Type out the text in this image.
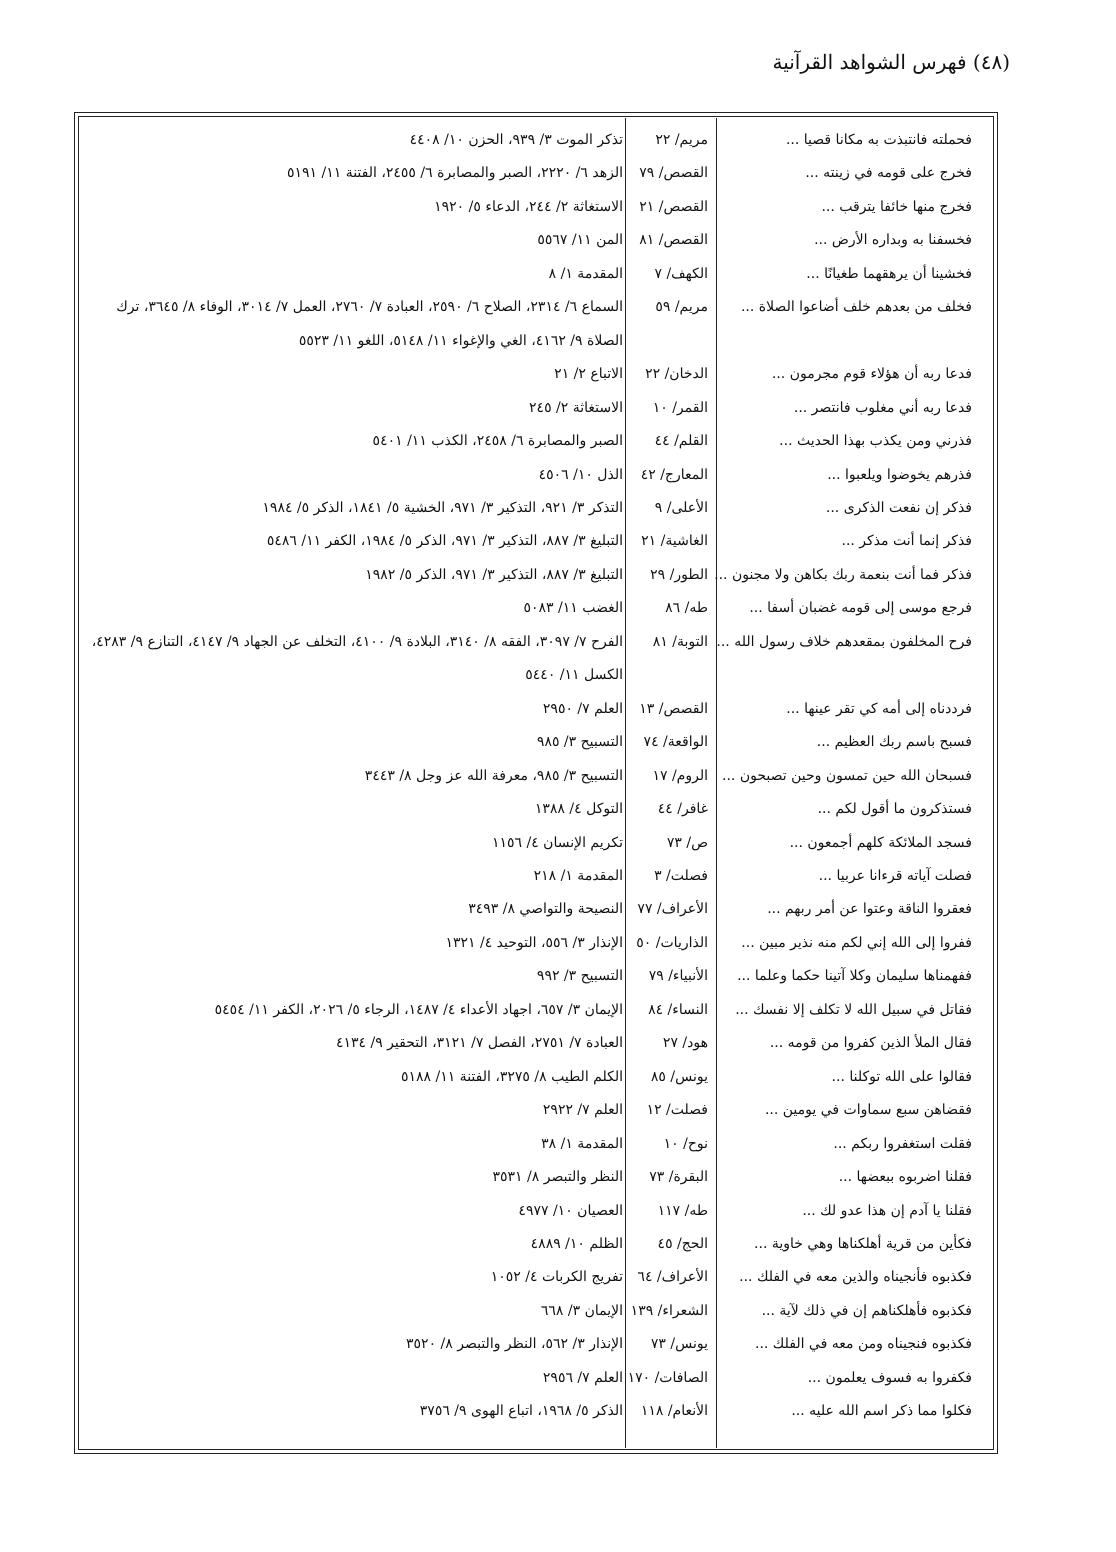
(٤٨) فهرس الشواهد القرآنية
فحملته فانتبذت به مكانا قصيا ...
مريم/ ٢٢
تذكر الموت ٣/ ٩٣٩، الحزن ١٠/ ٤٤٠٨
فخرج على قومه في زينته ...
القصص/ ٧٩
الزهد ٦/ ٢٢٢٠، الصبر والمصابرة ٦/ ٢٤٥٥، الفتنة ١١/ ٥١٩١
فخرج منها خائفا يترقب ...
القصص/ ٢١
الاستغاثة ٢/ ٢٤٤، الدعاء ٥/ ١٩٢٠
فخسفنا به وبداره الأرض ...
القصص/ ٨١
المن ١١/ ٥٥٦٧
فخشينا أن يرهقهما طغيانًا ...
الكهف/ ٧
المقدمة ١/ ٨
فخلف من بعدهم خلف أضاعوا الصلاة ...
مريم/ ٥٩
السماع ٦/ ٢٣١٤، الصلاح ٦/ ٢٥٩٠، العبادة ٧/ ٢٧٦٠، العمل ٧/ ٣٠١٤، الوفاء ٨/ ٣٦٤٥، ترك الصلاة ٩/ ٤١٦٢، الغي والإغواء ١١/ ٥١٤٨، اللغو ١١/ ٥٥٢٣
فدعا ربه أن هؤلاء قوم مجرمون ...
الدخان/ ٢٢
الاتباع ٢/ ٢١
فدعا ربه أني مغلوب فانتصر ...
القمر/ ١٠
الاستغاثة ٢/ ٢٤٥
فذرني ومن يكذب بهذا الحديث ...
القلم/ ٤٤
الصبر والمصابرة ٦/ ٢٤٥٨، الكذب ١١/ ٥٤٠١
فذرهم يخوضوا ويلعبوا ...
المعارج/ ٤٢
الذل ١٠/ ٤٥٠٦
فذكر إن نفعت الذكرى ...
الأعلى/ ٩
التذكر ٣/ ٩٢١، التذكير ٣/ ٩٧١، الخشية ٥/ ١٨٤١، الذكر ٥/ ١٩٨٤
فذكر إنما أنت مذكر ...
الغاشية/ ٢١
التبليغ ٣/ ٨٨٧، التذكير ٣/ ٩٧١، الذكر ٥/ ١٩٨٤، الكفر ١١/ ٥٤٨٦
فذكر فما أنت بنعمة ربك بكاهن ولا مجنون ...
الطور/ ٢٩
التبليغ ٣/ ٨٨٧، التذكير ٣/ ٩٧١، الذكر ٥/ ١٩٨٢
فرجع موسى إلى قومه غضبان أسفا ...
طه/ ٨٦
الغضب ١١/ ٥٠٨٣
فرح المخلفون بمقعدهم خلاف رسول الله ...
التوبة/ ٨١
الفرح ٧/ ٣٠٩٧، الفقه ٨/ ٣١٤٠، البلادة ٩/ ٤١٠٠، التخلف عن الجهاد ٩/ ٤١٤٧، التنازع ٩/ ٤٢٨٣، الكسل ١١/ ٥٤٤٠
فرددناه إلى أمه كي تقر عينها ...
القصص/ ١٣
العلم ٧/ ٢٩٥٠
فسبح باسم ربك العظيم ...
الواقعة/ ٧٤
التسبيح ٣/ ٩٨٥
فسبحان الله حين تمسون وحين تصبحون ...
الروم/ ١٧
التسبيح ٣/ ٩٨٥، معرفة الله عز وجل ٨/ ٣٤٤٣
فستذكرون ما أقول لكم ...
غافر/ ٤٤
التوكل ٤/ ١٣٨٨
فسجد الملائكة كلهم أجمعون ...
ص/ ٧٣
تكريم الإنسان ٤/ ١١٥٦
فصلت آياته قرءانا عربيا ...
فصلت/ ٣
المقدمة ١/ ٢١٨
فعقروا الناقة وعتوا عن أمر ربهم ...
الأعراف/ ٧٧
النصيحة والتواصي ٨/ ٣٤٩٣
ففروا إلى الله إني لكم منه نذير مبين ...
الذاريات/ ٥٠
الإنذار ٣/ ٥٥٦، التوحيد ٤/ ١٣٢١
ففهمناها سليمان وكلا آتينا حكما وعلما ...
الأنبياء/ ٧٩
التسبيح ٣/ ٩٩٢
فقاتل في سبيل الله لا تكلف إلا نفسك ...
النساء/ ٨٤
الإيمان ٣/ ٦٥٧، اجهاد الأعداء ٤/ ١٤٨٧، الرجاء ٥/ ٢٠٢٦، الكفر ١١/ ٥٤٥٤
فقال الملأ الذين كفروا من قومه ...
هود/ ٢٧
العبادة ٧/ ٢٧٥١، الفصل ٧/ ٣١٢١، التحقير ٩/ ٤١٣٤
فقالوا على الله توكلنا ...
يونس/ ٨٥
الكلم الطيب ٨/ ٣٢٧٥، الفتنة ١١/ ٥١٨٨
فقضاهن سبع سماوات في يومين ...
فصلت/ ١٢
العلم ٧/ ٢٩٢٢
فقلت استغفروا ربكم ...
نوح/ ١٠
المقدمة ١/ ٣٨
فقلنا اضربوه ببعضها ...
البقرة/ ٧٣
النظر والتبصر ٨/ ٣٥٣١
فقلنا يا آدم إن هذا عدو لك ...
طه/ ١١٧
العصيان ١٠/ ٤٩٧٧
فكأين من قرية أهلكناها وهي خاوية ...
الحج/ ٤٥
الظلم ١٠/ ٤٨٨٩
فكذبوه فأنجيناه والذين معه في الفلك ...
الأعراف/ ٦٤
تفريج الكربات ٤/ ١٠٥٢
فكذبوه فأهلكناهم إن في ذلك لآية ...
الشعراء/ ١٣٩
الإيمان ٣/ ٦٦٨
فكذبوه فنجيناه ومن معه في الفلك ...
يونس/ ٧٣
الإنذار ٣/ ٥٦٢، النظر والتبصر ٨/ ٣٥٢٠
فكفروا به فسوف يعلمون ...
الصافات/ ١٧٠
العلم ٧/ ٢٩٥٦
فكلوا مما ذكر اسم الله عليه ...
الأنعام/ ١١٨
الذكر ٥/ ١٩٦٨، اتباع الهوى ٩/ ٣٧٥٦
